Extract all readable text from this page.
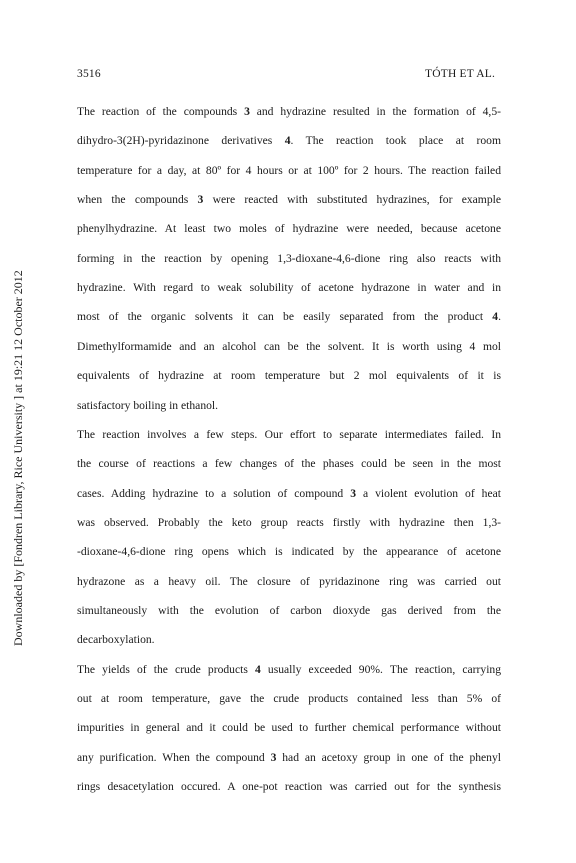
3516	TÓTH ET AL.
Downloaded by [Fondren Library, Rice University ] at 19:21 12 October 2012
The reaction of the compounds 3 and hydrazine resulted in the formation of 4,5-
dihydro-3(2H)-pyridazinone derivatives 4. The reaction took place at room
temperature for a day, at 80º for 4 hours or at 100º for 2 hours. The reaction failed
when the compounds 3 were reacted with substituted hydrazines, for example
phenylhydrazine. At least two moles of hydrazine were needed, because acetone
forming in the reaction by opening 1,3-dioxane-4,6-dione ring also reacts with
hydrazine. With regard to weak solubility of acetone hydrazone in water and in
most of the organic solvents it can be easily separated from the product 4.
Dimethylformamide and an alcohol can be the solvent. It is worth using 4 mol
equivalents of hydrazine at room temperature but 2 mol equivalents of it is
satisfactory boiling in ethanol.
The reaction involves a few steps. Our effort to separate intermediates failed. In
the course of reactions a few changes of the phases could be seen in the most
cases. Adding hydrazine to a solution of compound 3 a violent evolution of heat
was observed. Probably the keto group reacts firstly with hydrazine then 1,3-
-dioxane-4,6-dione ring opens which is indicated by the appearance of acetone
hydrazone as a heavy oil. The closure of pyridazinone ring was carried out
simultaneously with the evolution of carbon dioxyde gas derived from the
decarboxylation.
The yields of the crude products 4 usually exceeded 90%. The reaction, carrying
out at room temperature, gave the crude products contained less than 5% of
impurities in general and it could be used to further chemical performance without
any purification. When the compound 3 had an acetoxy group in one of the phenyl
rings desacetylation occured. A one-pot reaction was carried out for the synthesis
